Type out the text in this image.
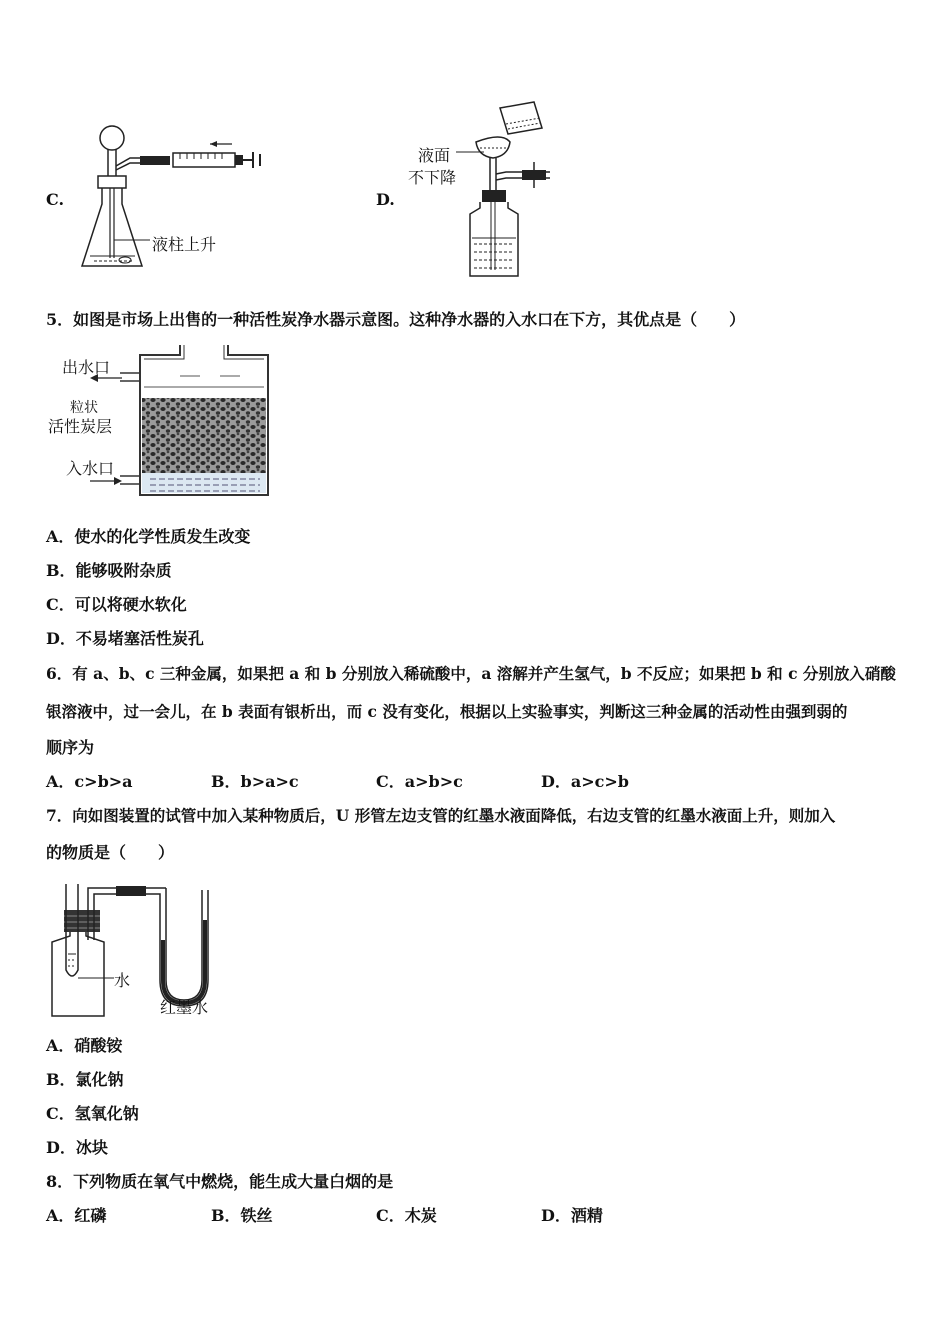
C.
液柱上升
D.
液面
不下降
5．如图是市场上出售的一种活性炭净水器示意图。这种净水器的入水口在下方，其优点是（　　）
出水口
粒状
活性炭层
入水口
A．使水的化学性质发生改变
B．能够吸附杂质
C．可以将硬水软化
D．不易堵塞活性炭孔
6．有 a、b、c 三种金属，如果把 a 和 b 分别放入稀硫酸中，a 溶解并产生氢气，b 不反应；如果把 b 和 c 分别放入硝酸
银溶液中，过一会儿，在 b 表面有银析出，而 c 没有变化，根据以上实验事实，判断这三种金属的活动性由强到弱的
顺序为
A．c>b>a	B．b>a>c	C．a>b>c	D．a>c>b
7．向如图装置的试管中加入某种物质后，U 形管左边支管的红墨水液面降低，右边支管的红墨水液面上升，则加入
的物质是（　　）
水
红墨水
A．硝酸铵
B．氯化钠
C．氢氧化钠
D．冰块
8．下列物质在氧气中燃烧，能生成大量白烟的是
A．红磷	B．铁丝	C．木炭	D．酒精
